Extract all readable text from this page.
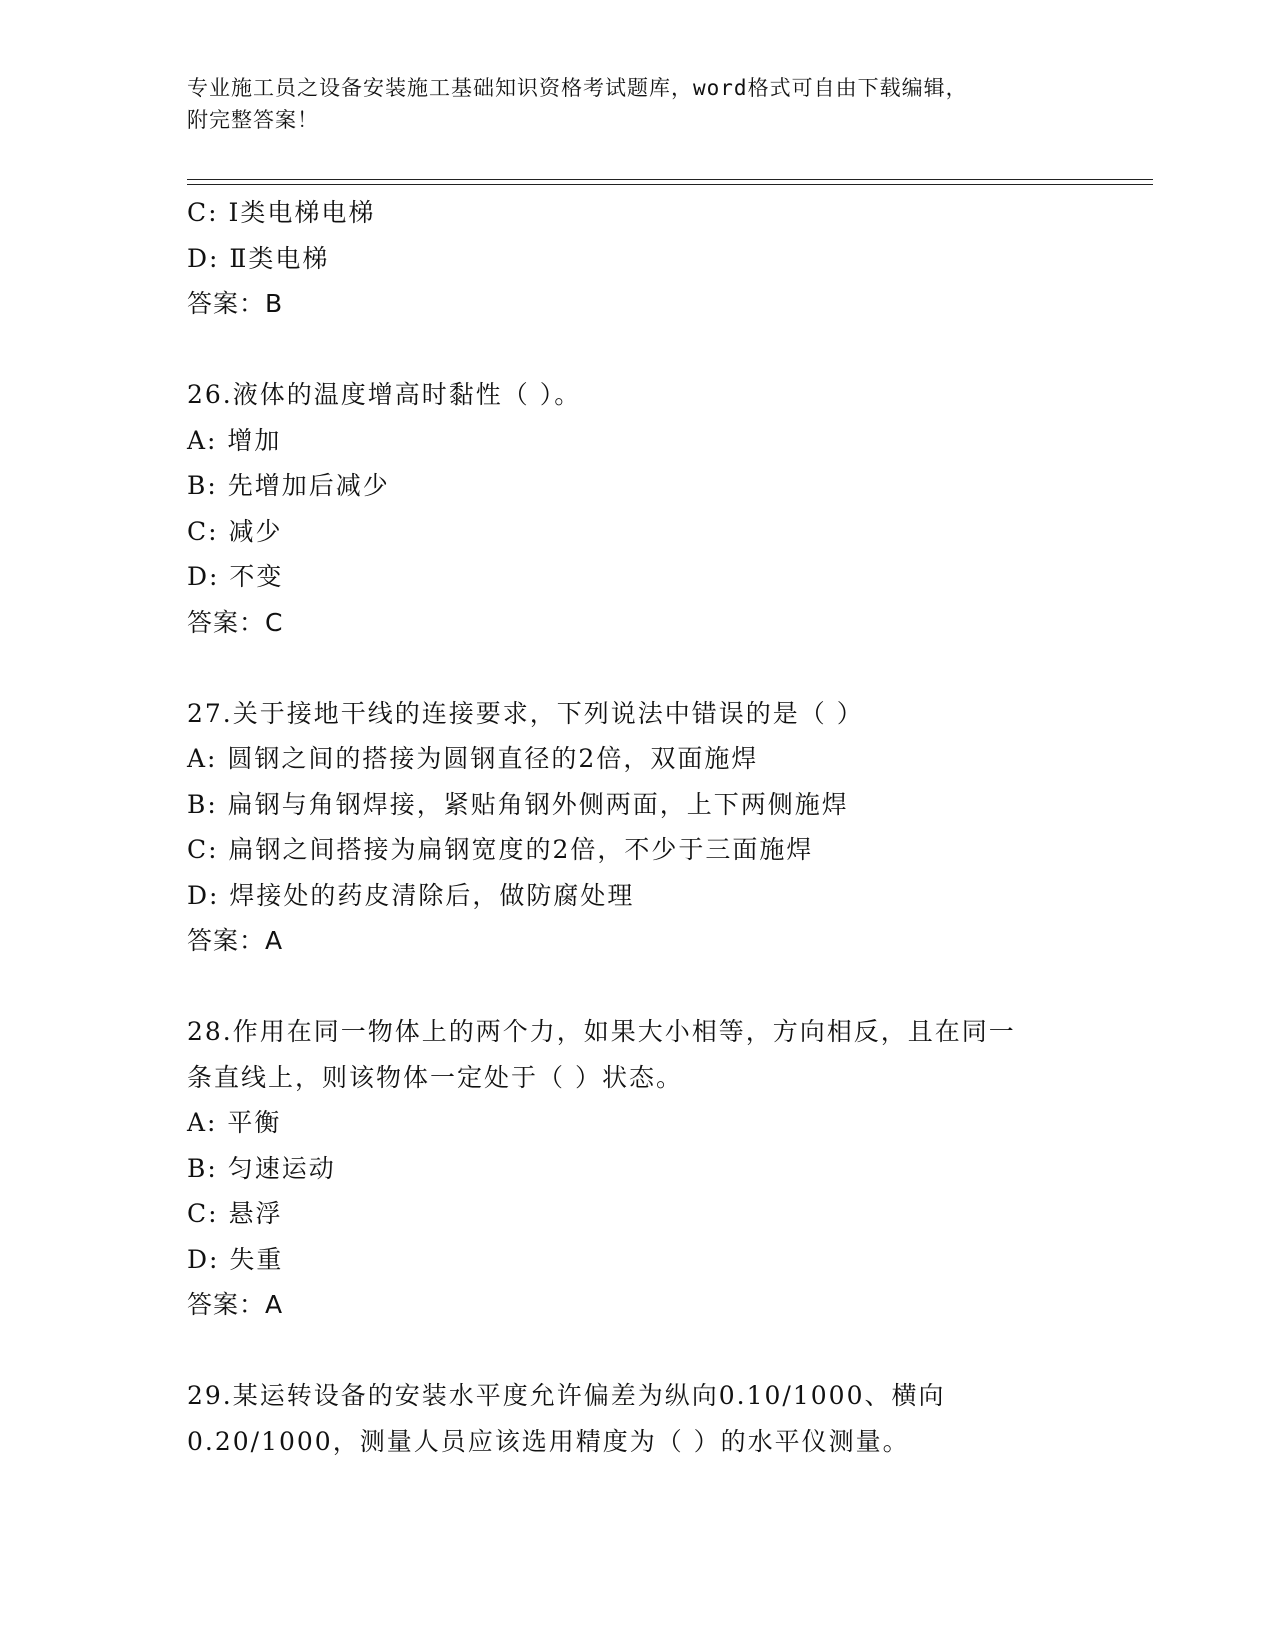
专业施工员之设备安装施工基础知识资格考试题库，word格式可自由下载编辑，
附完整答案！
C: Ⅰ类电梯电梯
D: Ⅱ类电梯
答案：B
26.液体的温度增高时黏性（ ）。
A: 增加
B: 先增加后减少
C: 减少
D: 不变
答案：C
27.关于接地干线的连接要求，下列说法中错误的是（ ）
A: 圆钢之间的搭接为圆钢直径的2倍，双面施焊
B: 扁钢与角钢焊接，紧贴角钢外侧两面，上下两侧施焊
C: 扁钢之间搭接为扁钢宽度的2倍，不少于三面施焊
D: 焊接处的药皮清除后，做防腐处理
答案：A
28.作用在同一物体上的两个力，如果大小相等，方向相反，且在同一
条直线上，则该物体一定处于（ ）状态。
A: 平衡
B: 匀速运动
C: 悬浮
D: 失重
答案：A
29.某运转设备的安装水平度允许偏差为纵向0.10/1000、横向
0.20/1000，测量人员应该选用精度为（ ）的水平仪测量。
